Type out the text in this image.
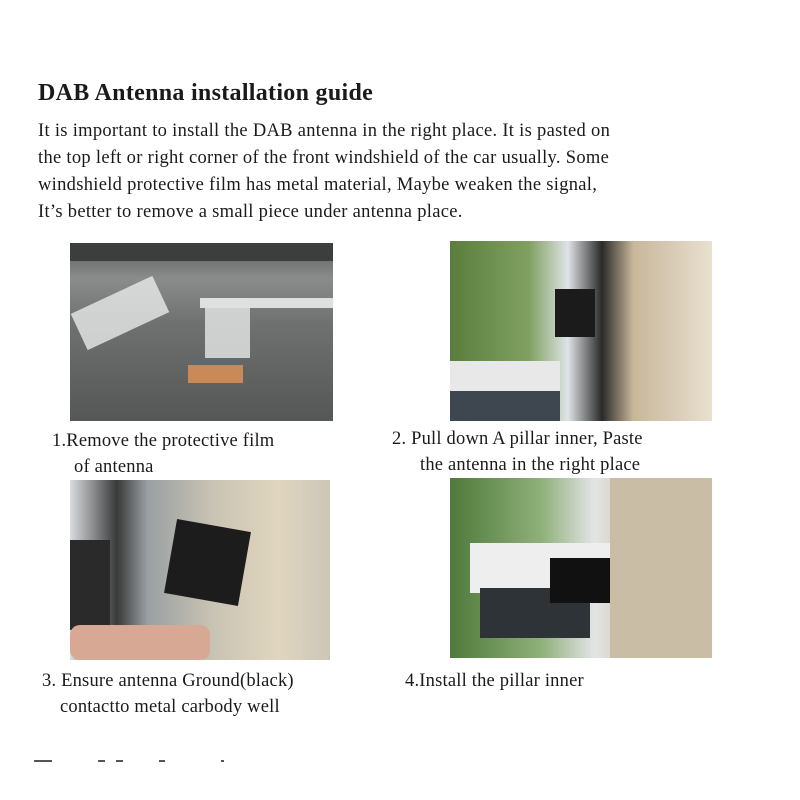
DAB Antenna installation guide
It is important to install the DAB antenna in the right place. It is pasted on
the top left or right corner of the front windshield of the car usually. Some
windshield protective film has metal material, Maybe weaken the signal,
It’s better to remove a small piece under antenna place.
1.Remove the protective film
of antenna
2. Pull down A pillar inner, Paste
the antenna in the right place
3. Ensure antenna Ground(black)
contactto metal carbody well
4.Install the pillar inner
